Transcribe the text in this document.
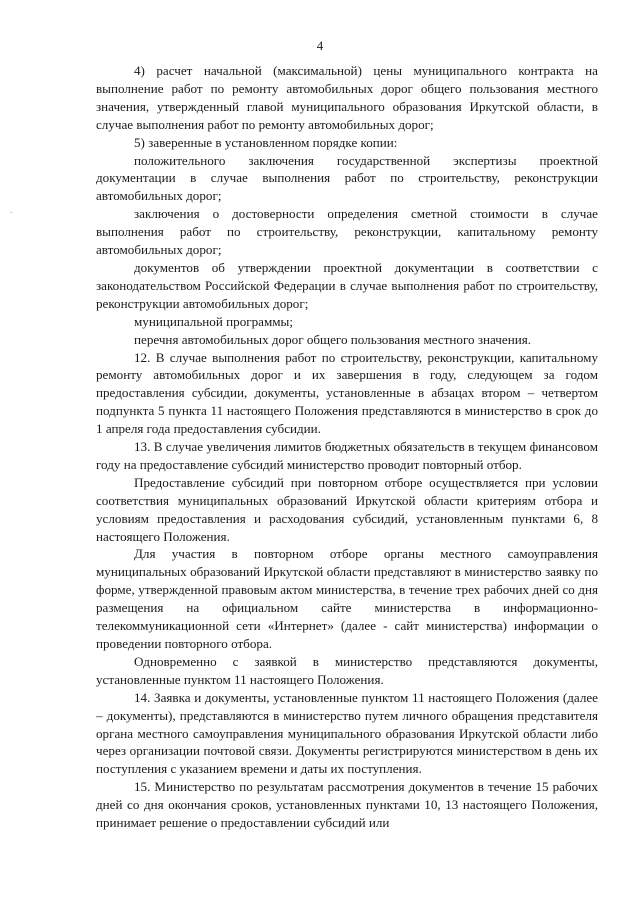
4
.

4) расчет начальной (максимальной) цены муниципального контракта на выполнение работ по ремонту автомобильных дорог общего пользования местного значения, утвержденный главой муниципального образования Иркутской области, в случае выполнения работ по ремонту автомобильных дорог;

5) заверенные в установленном порядке копии:

положительного заключения государственной экспертизы проектной документации в случае выполнения работ по строительству, реконструкции автомобильных дорог;

заключения о достоверности определения сметной стоимости в случае выполнения работ по строительству, реконструкции, капитальному ремонту автомобильных дорог;

документов об утверждении проектной документации в соответствии с законодательством Российской Федерации в случае выполнения работ по строительству, реконструкции автомобильных дорог;

муниципальной программы;

перечня автомобильных дорог общего пользования местного значения.

12. В случае выполнения работ по строительству, реконструкции, капитальному ремонту автомобильных дорог и их завершения в году, следующем за годом предоставления субсидии, документы, установленные в абзацах втором – четвертом подпункта 5 пункта 11 настоящего Положения представляются в министерство в срок до 1 апреля года предоставления субсидии.

13. В случае увеличения лимитов бюджетных обязательств в текущем финансовом году на предоставление субсидий министерство проводит повторный отбор.

Предоставление субсидий при повторном отборе осуществляется при условии соответствия муниципальных образований Иркутской области критериям отбора и условиям предоставления и расходования субсидий, установленным пунктами 6, 8 настоящего Положения.

Для участия в повторном отборе органы местного самоуправления муниципальных образований Иркутской области представляют в министерство заявку по форме, утвержденной правовым актом министерства, в течение трех рабочих дней со дня размещения на официальном сайте министерства в информационно-телекоммуникационной сети «Интернет» (далее - сайт министерства) информации о проведении повторного отбора.

Одновременно с заявкой в министерство представляются документы, установленные пунктом 11 настоящего Положения.

14. Заявка и документы, установленные пунктом 11 настоящего Положения (далее – документы), представляются в министерство путем личного обращения представителя органа местного самоуправления муниципального образования Иркутской области либо через организации почтовой связи. Документы регистрируются министерством в день их поступления с указанием времени и даты их поступления.

15. Министерство по результатам рассмотрения документов в течение 15 рабочих дней со дня окончания сроков, установленных пунктами 10, 13 настоящего Положения, принимает решение о предоставлении субсидий или
